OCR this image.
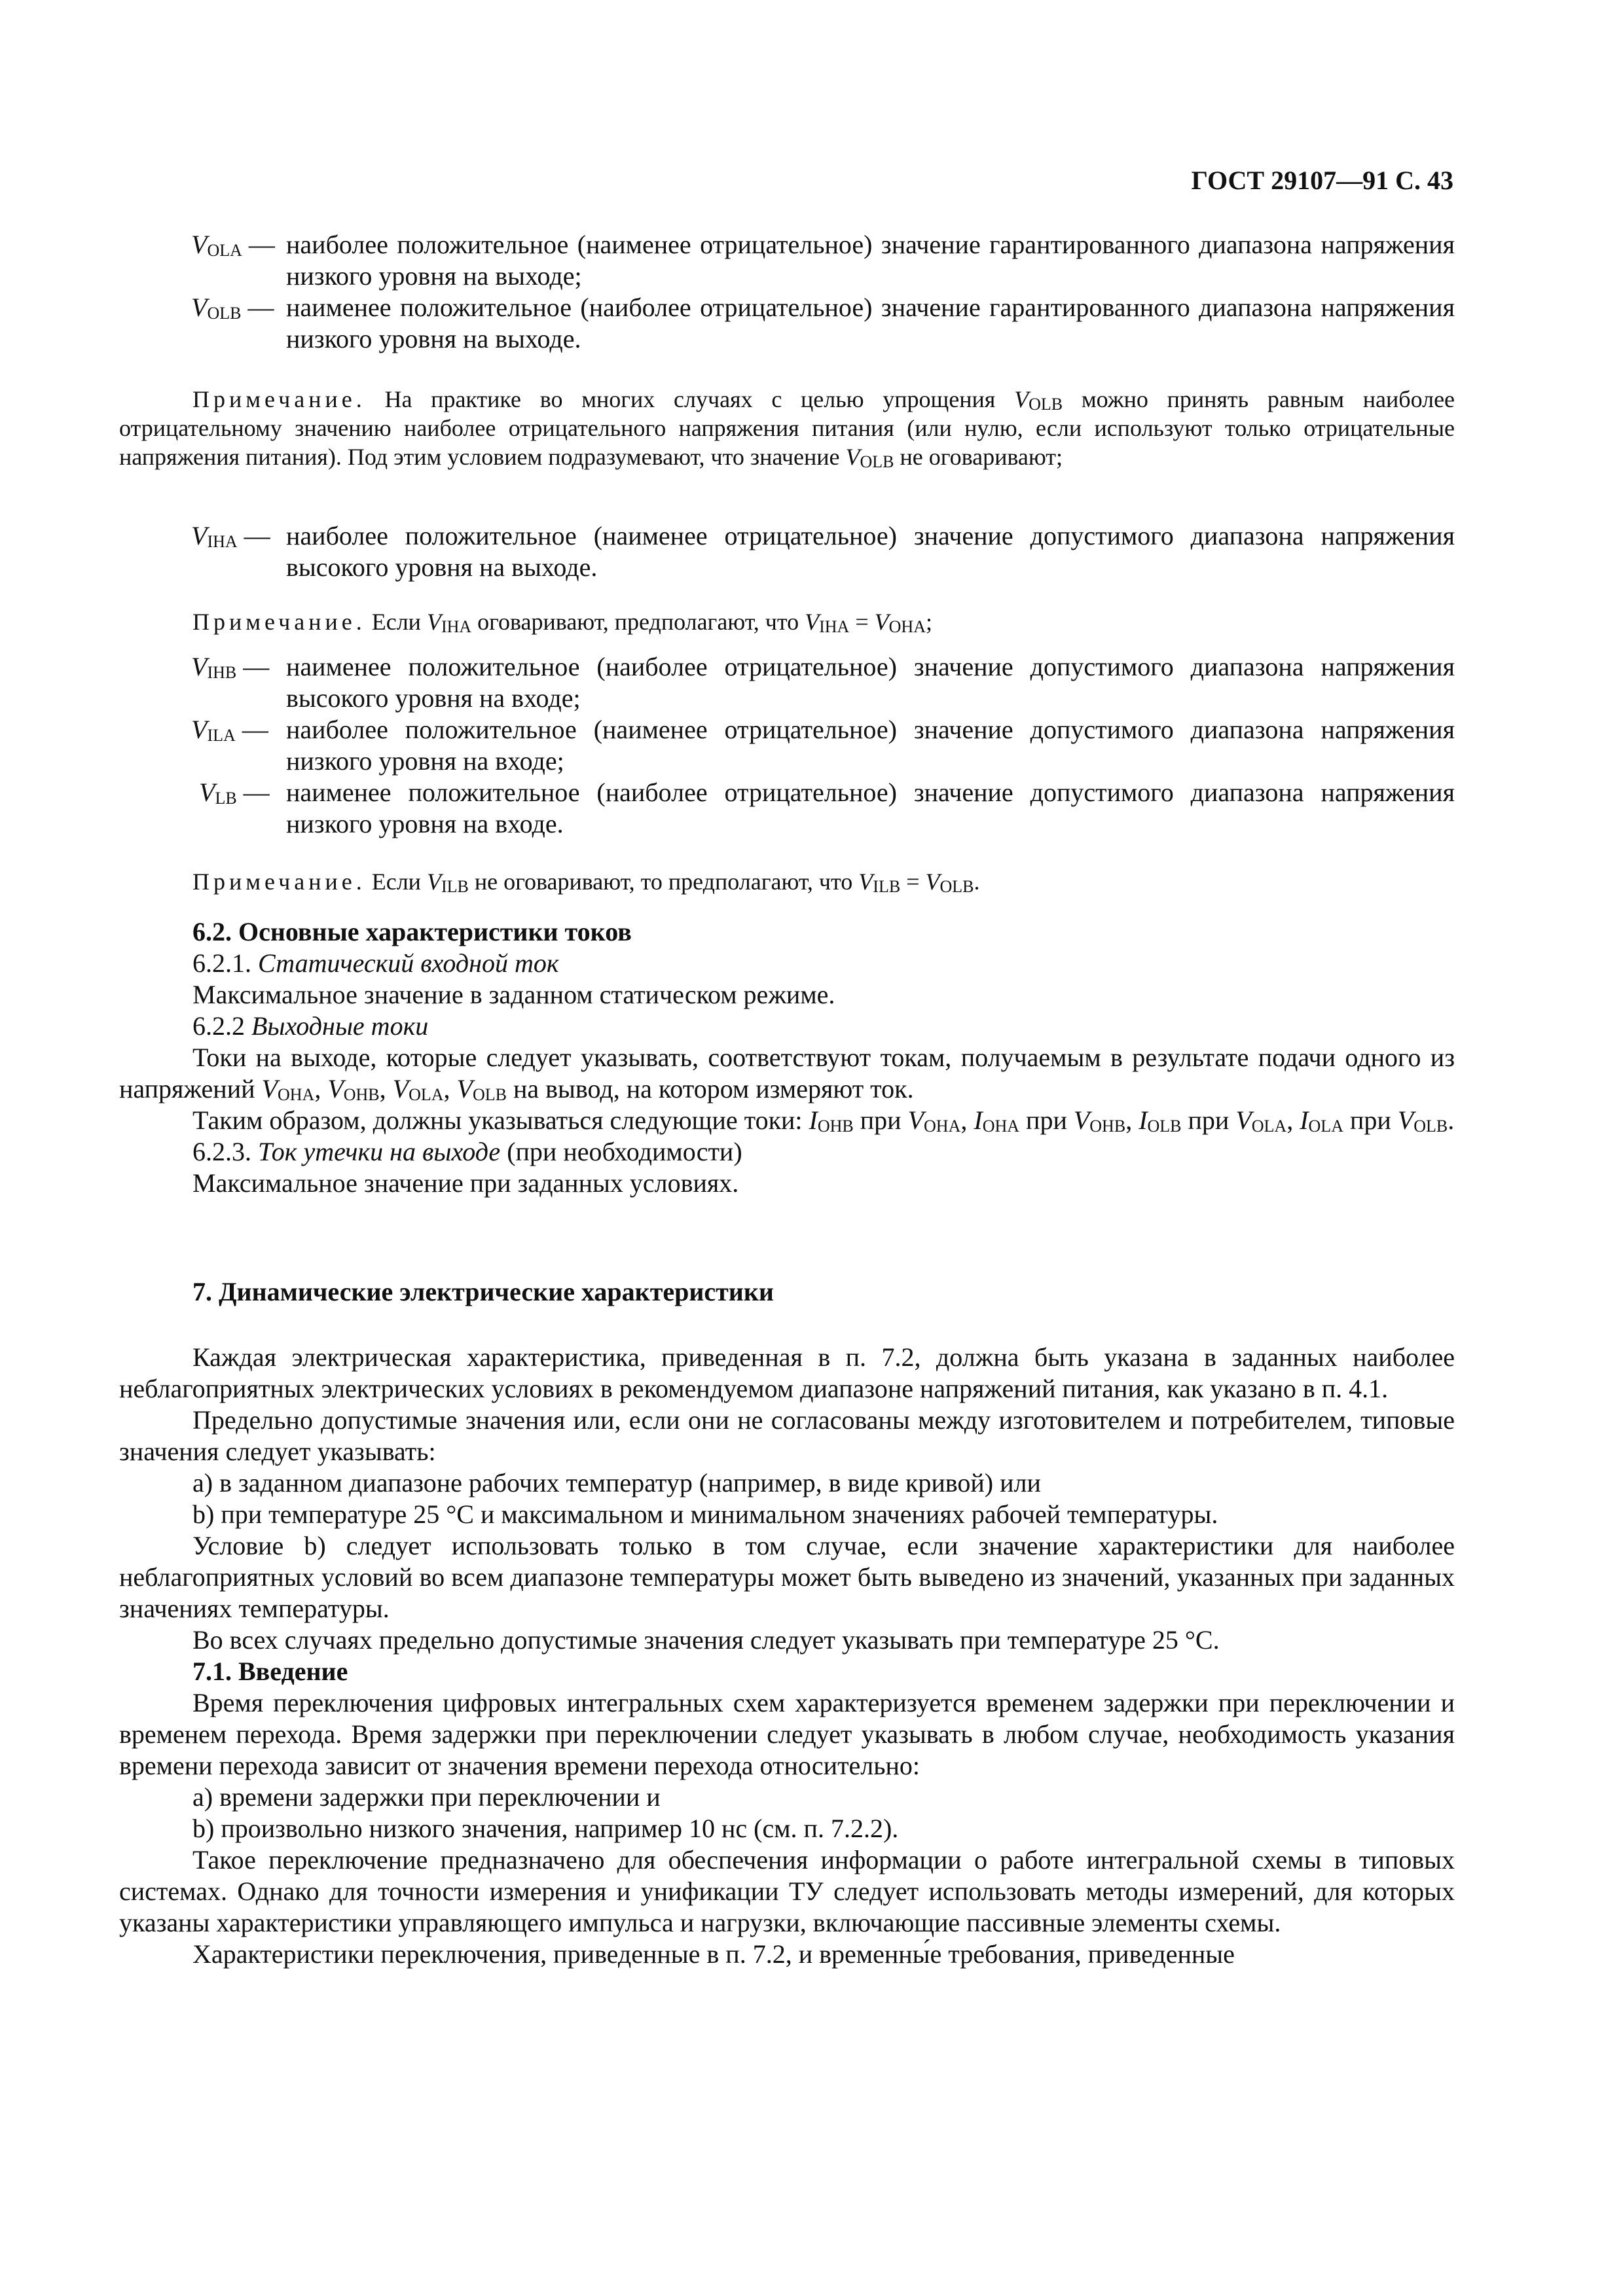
ГОСТ 29107—91 С. 43
$V_{OLA}$ — наиболее положительное (наименее отрицательное) значение гарантированного диапазона напряжения низкого уровня на выходе;
$V_{OLB}$ — наименее положительное (наиболее отрицательное) значение гарантированного диапазона напряжения низкого уровня на выходе.

Примечание. На практике во многих случаях с целью упрощения $V_{OLB}$ можно принять равным наиболее отрицательному значению наиболее отрицательного напряжения питания (или нулю, если используют только отрицательные напряжения питания). Под этим условием подразумевают, что значение $V_{OLB}$ не оговаривают;

$V_{IHA}$ — наиболее положительное (наименее отрицательное) значение допустимого диапазона напряжения высокого уровня на выходе.

Примечание. Если $V_{IHA}$ оговаривают, предполагают, что $V_{IHA} = V_{OHA}$;

$V_{IHB}$ — наименее положительное (наиболее отрицательное) значение допустимого диапазона напряжения высокого уровня на входе;
$V_{ILA}$ — наиболее положительное (наименее отрицательное) значение допустимого диапазона напряжения низкого уровня на входе;
$V_{LB}$ — наименее положительное (наиболее отрицательное) значение допустимого диапазона напряжения низкого уровня на входе.

Примечание. Если $V_{ILB}$ не оговаривают, то предполагают, что $V_{ILB} = V_{OLB}$.

6.2. Основные характеристики токов

6.2.1. Статический входной ток

Максимальное значение в заданном статическом режиме.

6.2.2 Выходные токи

Токи на выходе, которые следует указывать, соответствуют токам, получаемым в результате подачи одного из напряжений $V_{OHA}$, $V_{OHB}$, $V_{OLA}$, $V_{OLB}$ на вывод, на котором измеряют ток.

Таким образом, должны указываться следующие токи: $I_{OHB}$ при $V_{OHA}$, $I_{OHA}$ при $V_{OHB}$, $I_{OLB}$ при $V_{OLA}$, $I_{OLA}$ при $V_{OLB}$.

6.2.3. Ток утечки на выходе (при необходимости)

Максимальное значение при заданных условиях.

7. Динамические электрические характеристики

Каждая электрическая характеристика, приведенная в п. 7.2, должна быть указана в заданных наиболее неблагоприятных электрических условиях в рекомендуемом диапазоне напряжений питания, как указано в п. 4.1.

Предельно допустимые значения или, если они не согласованы между изготовителем и потребителем, типовые значения следует указывать:

a) в заданном диапазоне рабочих температур (например, в виде кривой) или

b) при температуре 25 °С и максимальном и минимальном значениях рабочей температуры.

Условие b) следует использовать только в том случае, если значение характеристики для наиболее неблагоприятных условий во всем диапазоне температуры может быть выведено из значений, указанных при заданных значениях температуры.

Во всех случаях предельно допустимые значения следует указывать при температуре 25 °С.

7.1. Введение

Время переключения цифровых интегральных схем характеризуется временем задержки при переключении и временем перехода. Время задержки при переключении следует указывать в любом случае, необходимость указания времени перехода зависит от значения времени перехода относительно:

a) времени задержки при переключении и

b) произвольно низкого значения, например 10 нс (см. п. 7.2.2).

Такое переключение предназначено для обеспечения информации о работе интегральной схемы в типовых системах. Однако для точности измерения и унификации ТУ следует использовать методы измерений, для которых указаны характеристики управляющего импульса и нагрузки, включающие пассивные элементы схемы.

Характеристики переключения, приведенные в п. 7.2, и временны́е требования, приведенные
